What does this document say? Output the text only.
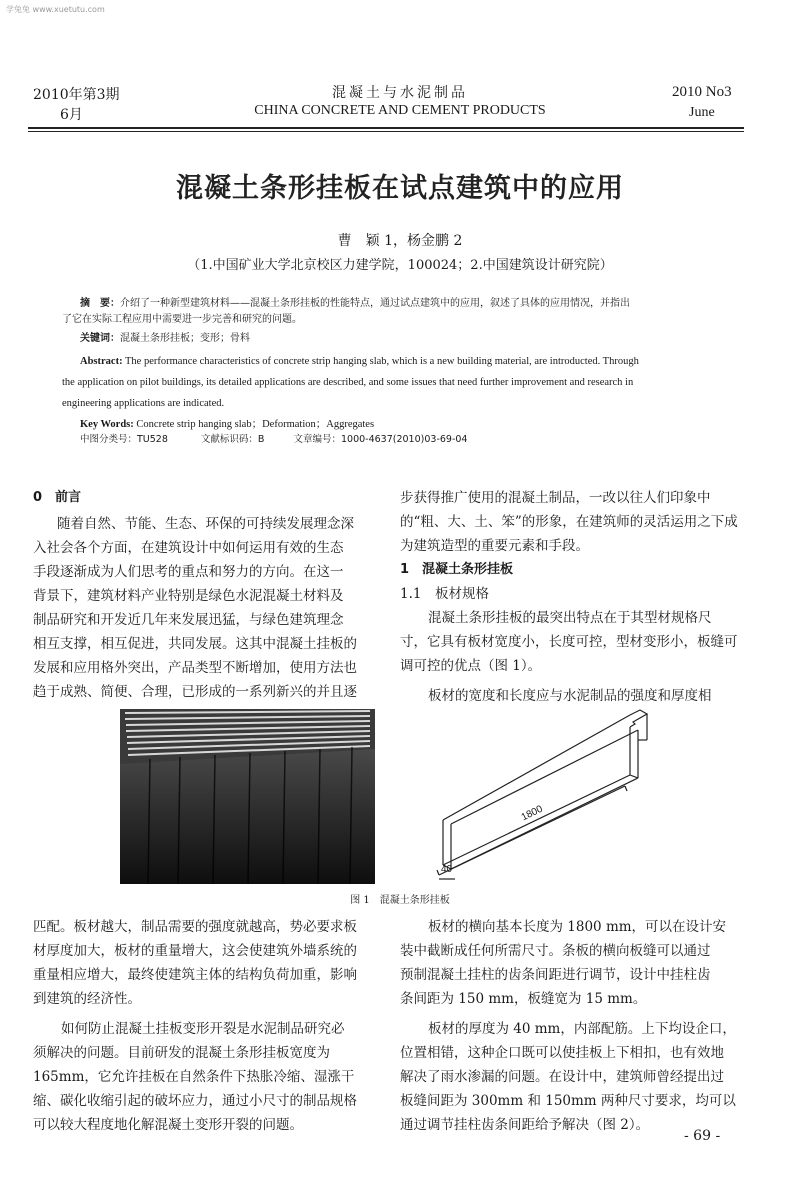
学兔兔 www.xuetutu.com
2010年第3期
6月
混凝土与水泥制品
CHINA CONCRETE AND CEMENT PRODUCTS
2010 No3
June
混凝土条形挂板在试点建筑中的应用
曹　颖 1，杨金鹏 2
（1.中国矿业大学北京校区力建学院，100024；2.中国建筑设计研究院）
摘　要：介绍了一种新型建筑材料——混凝土条形挂板的性能特点，通过试点建筑中的应用，叙述了具体的应用情况，并指出
了它在实际工程应用中需要进一步完善和研究的问题。
关键词：混凝土条形挂板；变形；骨料
Abstract: The performance characteristics of concrete strip hanging slab, which is a new building material, are introducted. Through
the application on pilot buildings, its detailed applications are described, and some issues that need further improvement and research in
engineering applications are indicated.
Key Words: Concrete strip hanging slab；Deformation；Aggregates
中图分类号：TU528	文献标识码：B	文章编号：1000-4637(2010)03-69-04
0　前言
随着自然、节能、生态、环保的可持续发展理念深
入社会各个方面，在建筑设计中如何运用有效的生态
手段逐渐成为人们思考的重点和努力的方向。在这一
背景下，建筑材料产业特别是绿色水泥混凝土材料及
制品研究和开发近几年来发展迅猛，与绿色建筑理念
相互支撑，相互促进，共同发展。这其中混凝土挂板的
发展和应用格外突出，产品类型不断增加，使用方法也
趋于成熟、简便、合理，已形成的一系列新兴的并且逐
步获得推广使用的混凝土制品，一改以往人们印象中
的“粗、大、土、笨”的形象，在建筑师的灵活运用之下成
为建筑造型的重要元素和手段。
1　混凝土条形挂板
1.1　板材规格
混凝土条形挂板的最突出特点在于其型材规格尺
寸，它具有板材宽度小，长度可控，型材变形小，板缝可
调可控的优点（图 1）。
板材的宽度和长度应与水泥制品的强度和厚度相
1800
40
图 1　混凝土条形挂板
匹配。板材越大，制品需要的强度就越高，势必要求板
材厚度加大，板材的重量增大，这会使建筑外墙系统的
重量相应增大，最终使建筑主体的结构负荷加重，影响
到建筑的经济性。
如何防止混凝土挂板变形开裂是水泥制品研究必
须解决的问题。目前研发的混凝土条形挂板宽度为
165mm，它允许挂板在自然条件下热胀冷缩、湿涨干
缩、碳化收缩引起的破坏应力，通过小尺寸的制品规格
可以较大程度地化解混凝土变形开裂的问题。
板材的横向基本长度为 1800 mm，可以在设计安
装中截断成任何所需尺寸。条板的横向板缝可以通过
预制混凝土挂柱的齿条间距进行调节，设计中挂柱齿
条间距为 150 mm，板缝宽为 15 mm。
板材的厚度为 40 mm，内部配筋。上下均设企口，
位置相错，这种企口既可以使挂板上下相扣，也有效地
解决了雨水渗漏的问题。在设计中，建筑师曾经提出过
板缝间距为 300mm 和 150mm 两种尺寸要求，均可以
通过调节挂柱齿条间距给予解决（图 2）。
- 69 -
